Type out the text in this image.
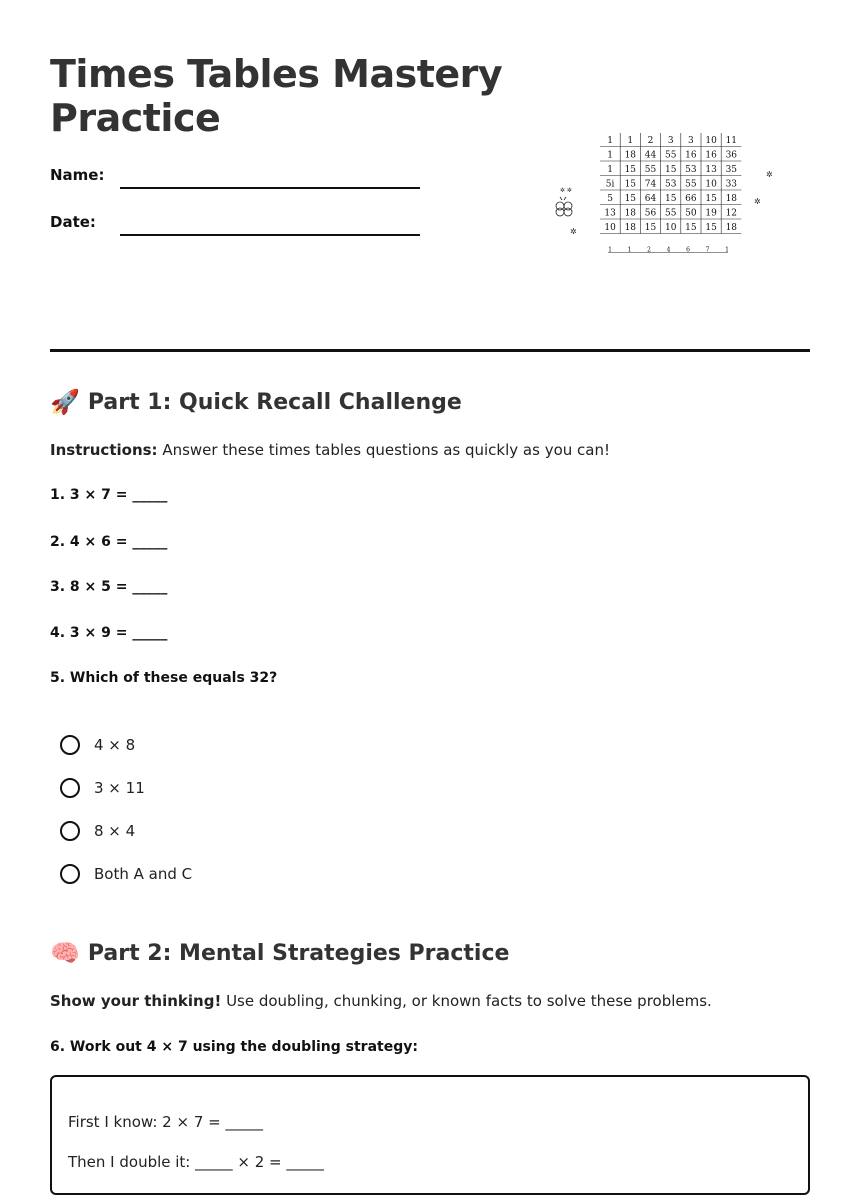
Times Tables Mastery
Practice
Name:
Date:
1 1 2 3 3 10 11
1 18 44 55 16 16 36
1 15 55 15 53 13 35
5i 15 74 53 55 10 33
5 15 64 15 66 15 18
13 18 56 55 50 19 12
10 18 15 10 15 15 18
1	1	2	4	6	7	1
✲ ✲
✲
✲
✲
🚀 Part 1: Quick Recall Challenge

Instructions: Answer these times tables questions as quickly as you can!

1. 3 × 7 = _____
2. 4 × 6 = _____
3. 8 × 5 = _____
4. 3 × 9 = _____
5. Which of these equals 32?
4 × 8
3 × 11
8 × 4
Both A and C
🧠 Part 2: Mental Strategies Practice

Show your thinking! Use doubling, chunking, or known facts to solve these problems.

6. Work out 4 × 7 using the doubling strategy:
First I know: 2 × 7 = _____
Then I double it: _____ × 2 = _____
